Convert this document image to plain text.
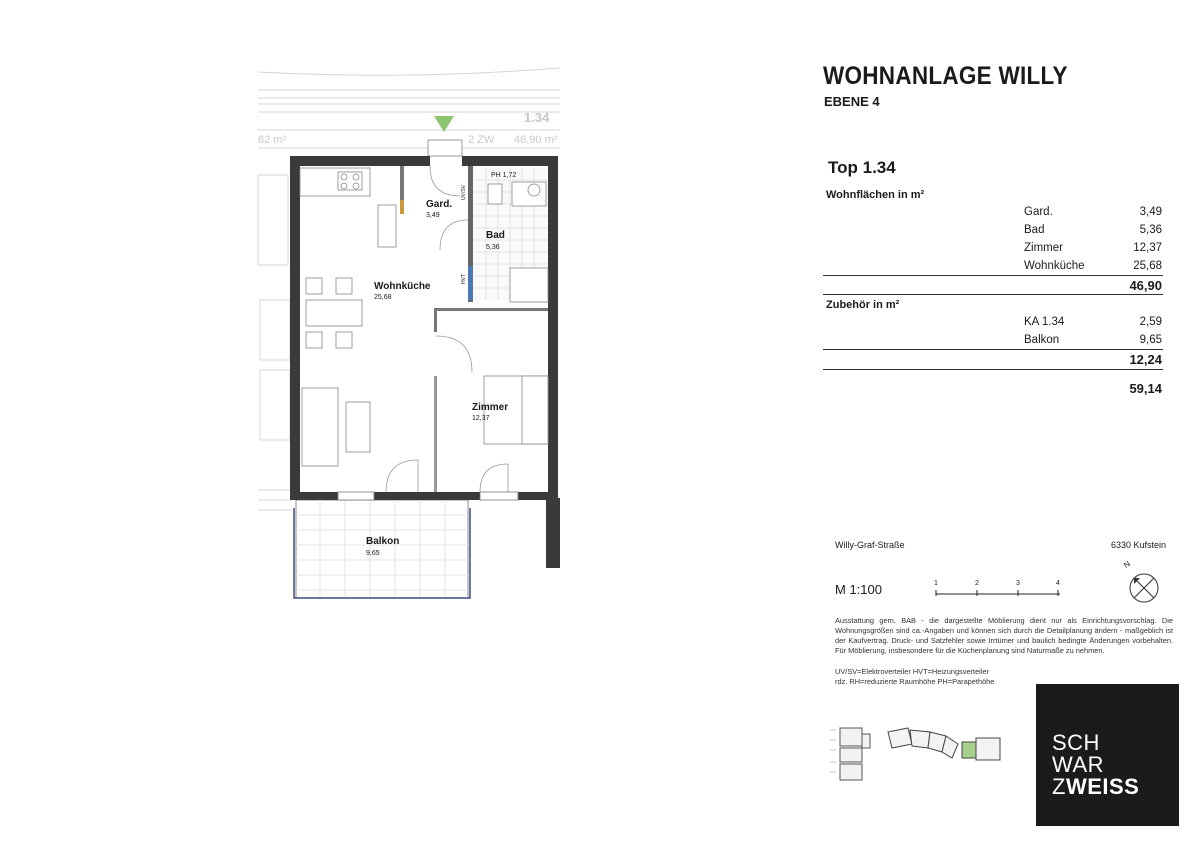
1.34
2 ZW 46,90 m²
62 m²
PH 1,72
UV/SV
HVT
Gard.
3,49
Bad
5,36
Wohnküche
25,68
Zimmer
12,37
Balkon
9,65
WOHNANLAGE WILLY
EBENE 4
Top 1.34
Wohnflächen in m²
Gard.	3,49
Bad	5,36
Zimmer	12,37
Wohnküche	25,68
46,90
Zubehör in m²
KA 1.34	2,59
Balkon	9,65
12,24
59,14
Willy-Graf-Straße	6330 Kufstein
M 1:100	1	2	3	4
N
Ausstattung gem. BAB - die dargestellte Möblierung dient nur als Einrichtungsvorschlag. Die Wohnungsgrößen sind ca.-Angaben und können sich durch die Detailplanung ändern - maßgeblich ist der Kaufvertrag. Druck- und Satzfehler sowie Irrtümer und baulich bedingte Änderungen vorbehalten. Für Möblierung, insbesondere für die Küchenplanung sind Naturmaße zu nehmen.
UV/SV=Elektroverteiler HVT=Heizungsverteiler
rdz. RH=reduzierte Raumhöhe PH=Parapethöhe
SCH
WAR
ZWEISS
